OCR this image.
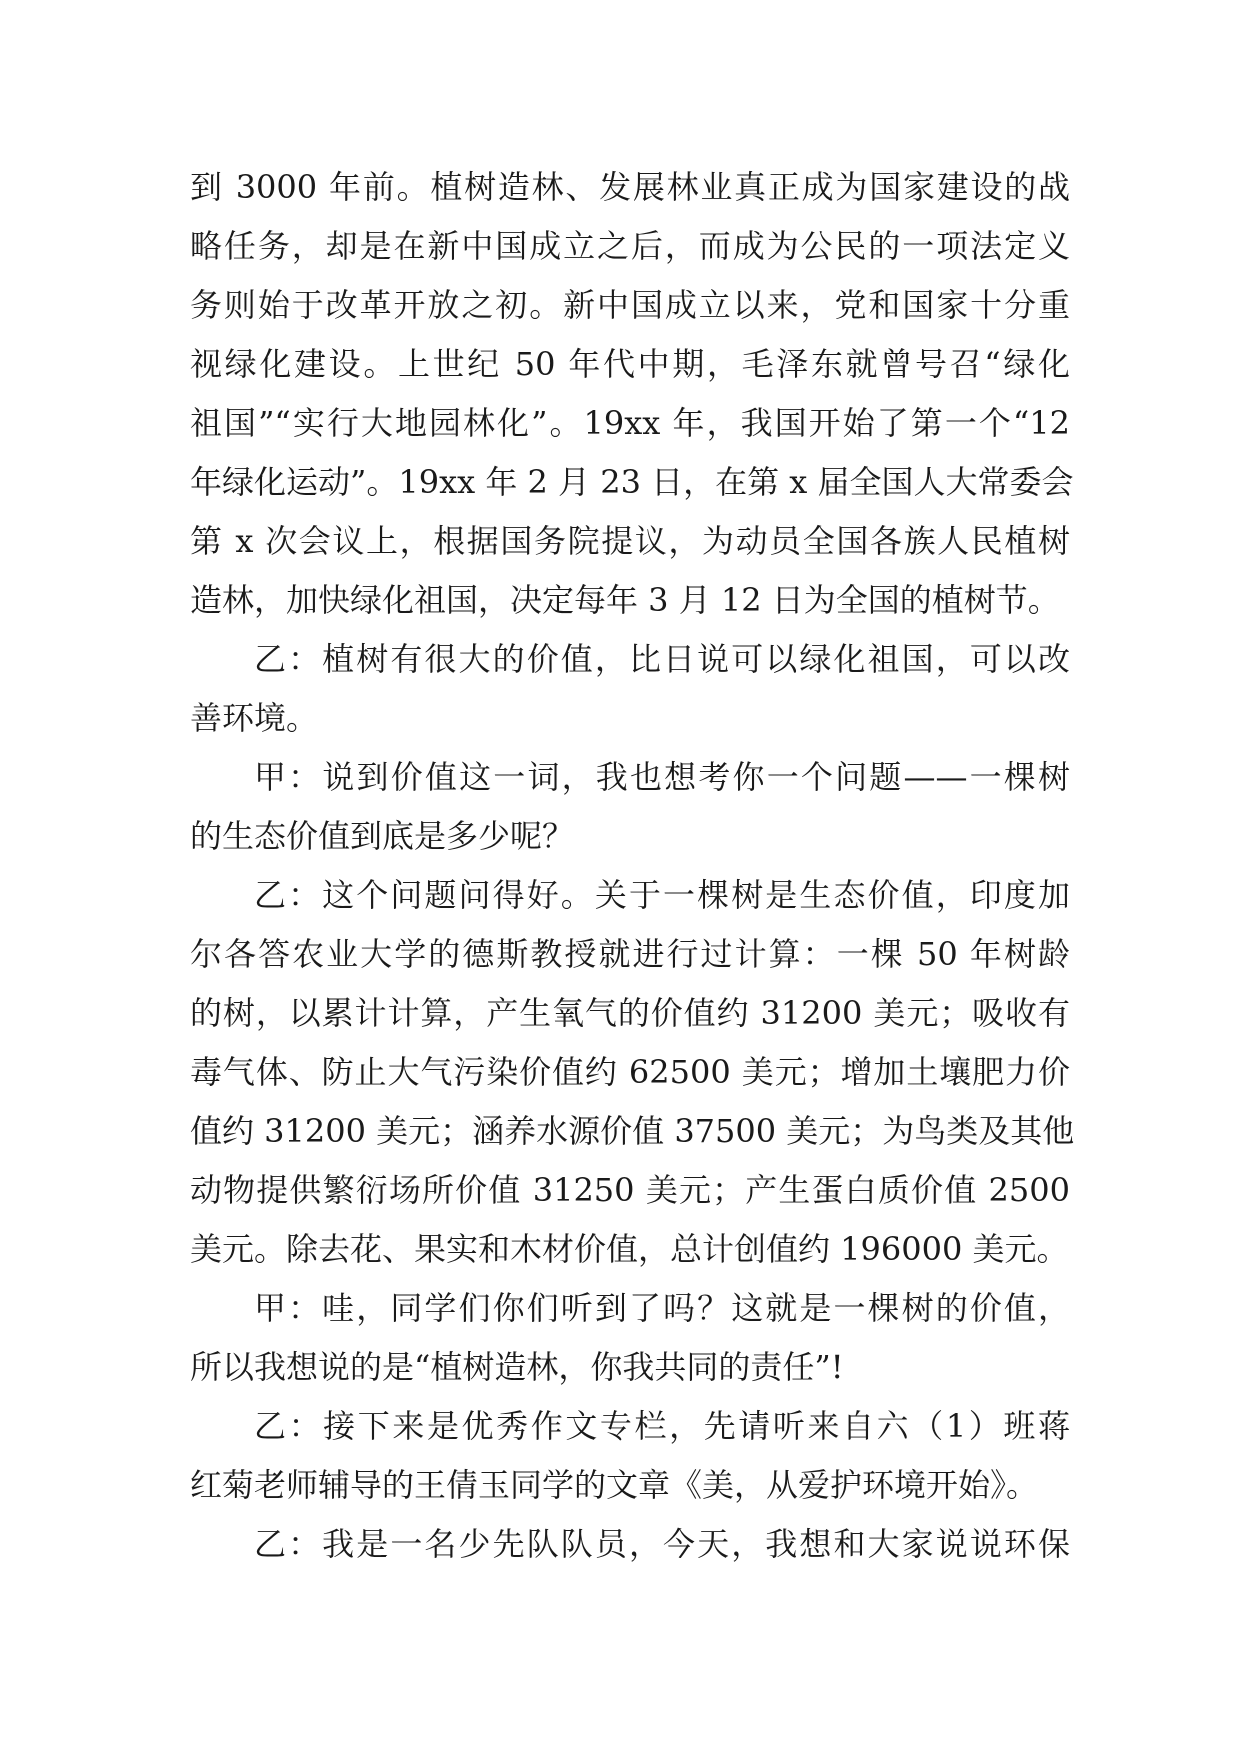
到 3000 年前。植树造林、发展林业真正成为国家建设的战
略任务，却是在新中国成立之后，而成为公民的一项法定义
务则始于改革开放之初。新中国成立以来，党和国家十分重
视绿化建设。上世纪 50 年代中期，毛泽东就曾号召“绿化
祖国”“实行大地园林化”。19xx 年，我国开始了第一个“12
年绿化运动”。19xx 年 2 月 23 日，在第 x 届全国人大常委会
第 x 次会议上，根据国务院提议，为动员全国各族人民植树
造林，加快绿化祖国，决定每年 3 月 12 日为全国的植树节。
乙：植树有很大的价值，比日说可以绿化祖国，可以改
善环境。
甲：说到价值这一词，我也想考你一个问题——一棵树
的生态价值到底是多少呢？
乙：这个问题问得好。关于一棵树是生态价值，印度加
尔各答农业大学的德斯教授就进行过计算：一棵 50 年树龄
的树，以累计计算，产生氧气的价值约 31200 美元；吸收有
毒气体、防止大气污染价值约 62500 美元；增加土壤肥力价
值约 31200 美元；涵养水源价值 37500 美元；为鸟类及其他
动物提供繁衍场所价值 31250 美元；产生蛋白质价值 2500
美元。除去花、果实和木材价值，总计创值约 196000 美元。
甲：哇，同学们你们听到了吗？这就是一棵树的价值，
所以我想说的是“植树造林，你我共同的责任”!
乙：接下来是优秀作文专栏，先请听来自六（1）班蒋
红菊老师辅导的王倩玉同学的文章《美，从爱护环境开始》。
乙：我是一名少先队队员，今天，我想和大家说说环保
